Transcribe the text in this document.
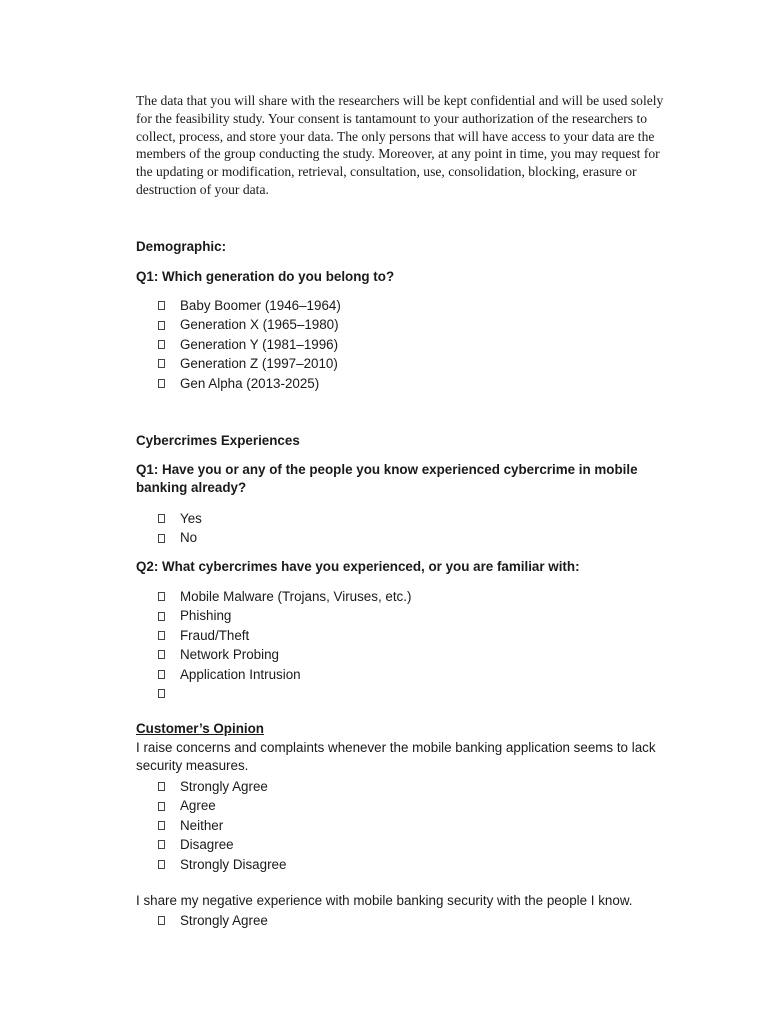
The data that you will share with the researchers will be kept confidential and will be used solely for the feasibility study. Your consent is tantamount to your authorization of the researchers to collect, process, and store your data. The only persons that will have access to your data are the members of the group conducting the study. Moreover, at any point in time, you may request for the updating or modification, retrieval, consultation, use, consolidation, blocking, erasure or destruction of your data.

Demographic:

Q1: Which generation do you belong to?

Baby Boomer (1946–1964)
Generation X (1965–1980)
Generation Y (1981–1996)
Generation Z (1997–2010)
Gen Alpha (2013-2025)

Cybercrimes Experiences

Q1: Have you or any of the people you know experienced cybercrime in mobile banking already?

Yes
No

Q2: What cybercrimes have you experienced, or you are familiar with:

Mobile Malware (Trojans, Viruses, etc.)
Phishing
Fraud/Theft
Network Probing
Application Intrusion

Customer’s Opinion

I raise concerns and complaints whenever the mobile banking application seems to lack security measures.

Strongly Agree
Agree
Neither
Disagree
Strongly Disagree

I share my negative experience with mobile banking security with the people I know.

Strongly Agree
